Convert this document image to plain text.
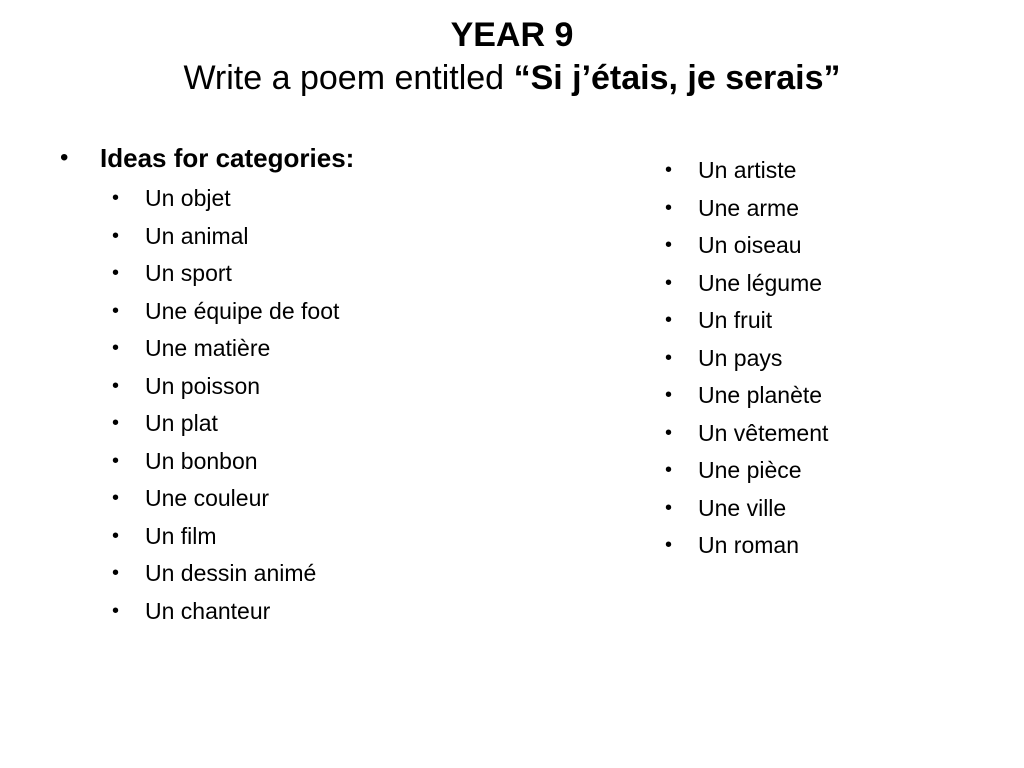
YEAR 9
Write a poem entitled “Si j’étais, je serais”
•	Ideas for categories:
•	Un objet
•	Un animal
•	Un sport
•	Une équipe de foot
•	Une matière
•	Un poisson
•	Un plat
•	Un bonbon
•	Une couleur
•	Un film
•	Un dessin animé
•	Un chanteur
•	Un artiste
•	Une arme
•	Un oiseau
•	Une légume
•	Un fruit
•	Un pays
•	Une planète
•	Un vêtement
•	Une pièce
•	Une ville
•	Un roman
